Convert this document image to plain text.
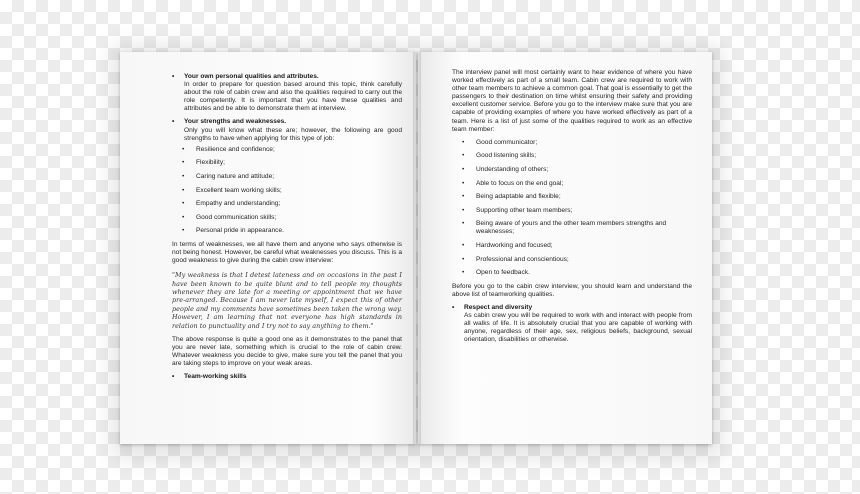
•	Your own personal qualities and attributes.

In order to prepare for question based around this topic, think carefully about the role of cabin crew and also the qualities required to carry out the role competently. It is important that you have these qualities and attributes and be able to demonstrate them at interview.

•	Your strengths and weaknesses.

Only you will know what these are; however, the following are good strengths to have when applying for this type of job:

• Resilience and confidence;
• Flexibility;
• Caring nature and attitude;
• Excellent team working skills;
• Empathy and understanding;
• Good communication skills;
• Personal pride in appearance.

In terms of weaknesses, we all have them and anyone who says otherwise is not being honest. However, be careful what weaknesses you discuss. This is a good weakness to give during the cabin crew interview:

"My weakness is that I detest lateness and on occasions in the past I have been known to be quite blunt and to tell people my thoughts whenever they are late for a meeting or appointment that we have pre-arranged. Because I am never late myself, I expect this of other people and my comments have sometimes been taken the wrong way. However, I am learning that not everyone has high standards in relation to punctuality and I try not to say anything to them."

The above response is quite a good one as it demonstrates to the panel that you are never late, something which is crucial to the role of cabin crew. Whatever weakness you decide to give, make sure you tell the panel that you are taking steps to improve on your weak areas.

•	Team-working skills

The interview panel will most certainly want to hear evidence of where you have worked effectively as part of a small team. Cabin crew are required to work with other team members to achieve a common goal. That goal is essentially to get the passengers to their destination on time whilst ensuring their safety and providing excellent customer service. Before you go to the interview make sure that you are capable of providing examples of where you have worked effectively as part of a team. Here is a list of just some of the qualities required to work as an effective team member:

• Good communicator;
• Good listening skills;
• Understanding of others;
• Able to focus on the end goal;
• Being adaptable and flexible;
• Supporting other team members;
• Being aware of yours and the other team members strengths and weaknesses;
• Hardworking and focused;
• Professional and conscientious;
• Open to feedback.

Before you go to the cabin crew interview, you should learn and understand the above list of teamworking qualities.

•	Respect and diversity

As cabin crew you will be required to work with and interact with people from all walks of life. It is absolutely crucial that you are capable of working with anyone, regardless of their age, sex, religious beliefs, background, sexual orientation, disabilities or otherwise.
